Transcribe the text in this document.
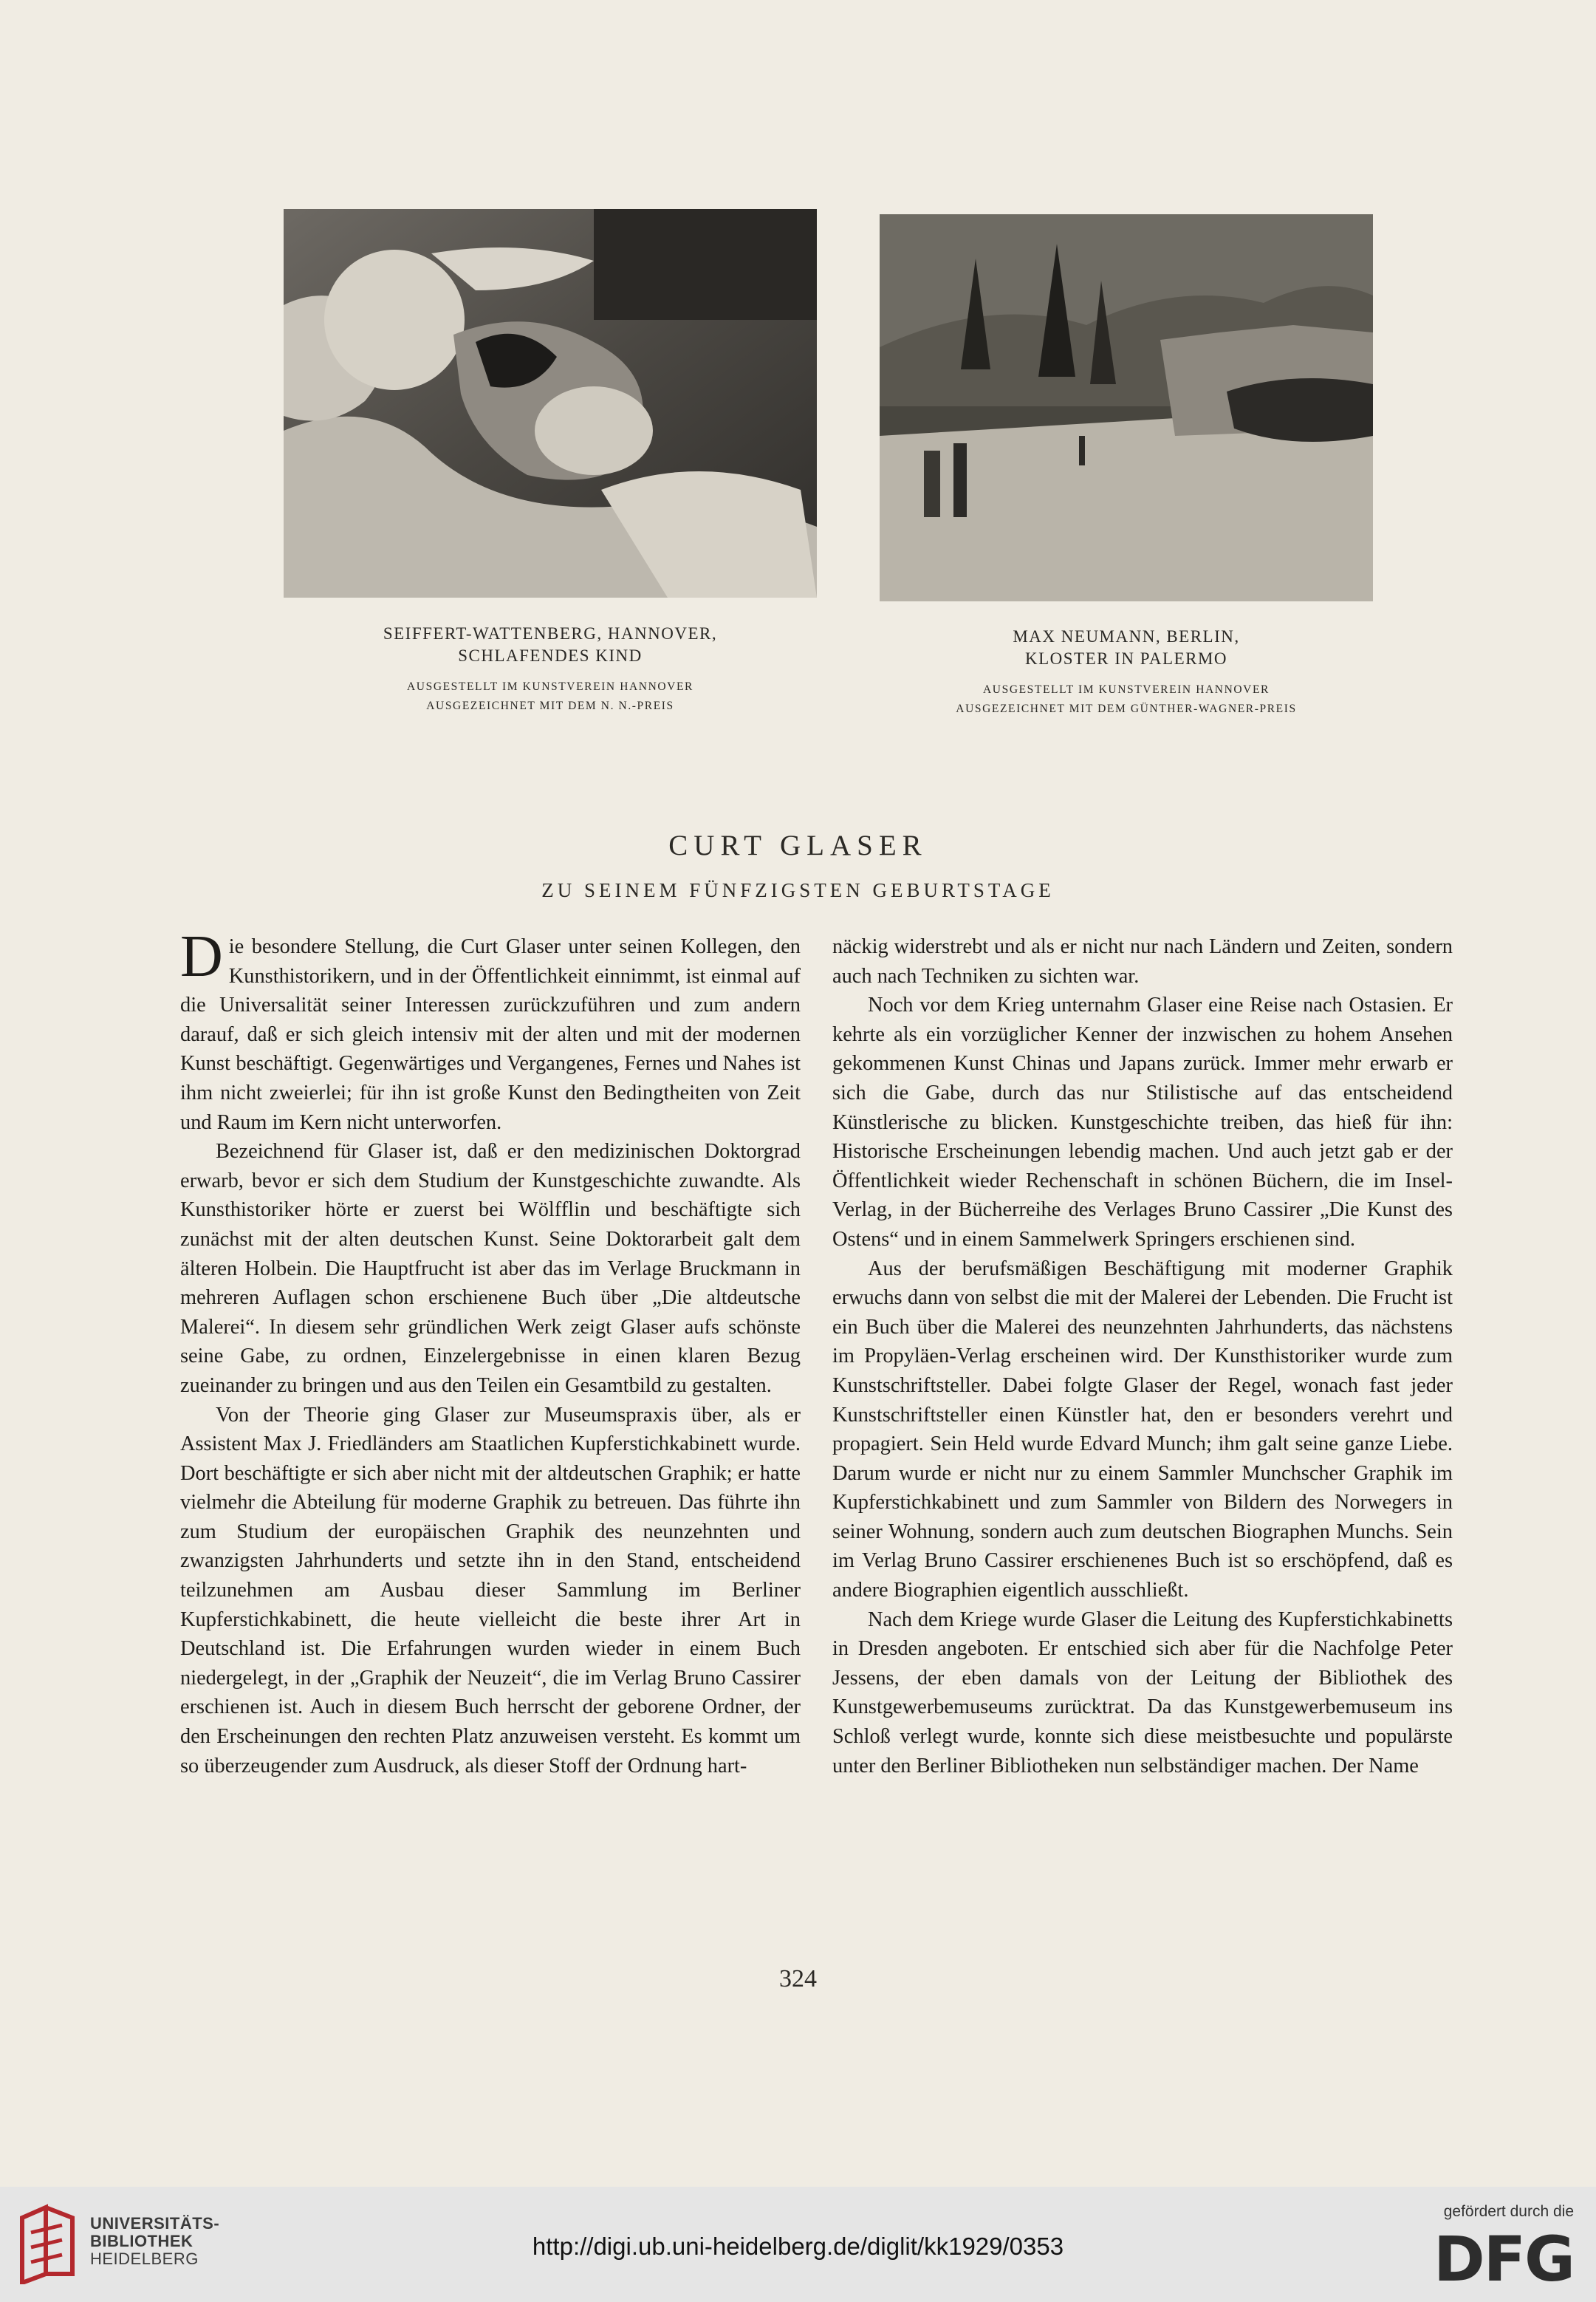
SEIFFERT-WATTENBERG, HANNOVER,
SCHLAFENDES KIND
AUSGESTELLT IM KUNSTVEREIN HANNOVER
AUSGEZEICHNET MIT DEM N. N.-PREIS
MAX NEUMANN, BERLIN,
KLOSTER IN PALERMO
AUSGESTELLT IM KUNSTVEREIN HANNOVER
AUSGEZEICHNET MIT DEM GÜNTHER-WAGNER-PREIS
CURT GLASER
ZU SEINEM FÜNFZIGSTEN GEBURTSTAGE

Die besondere Stellung, die Curt Glaser unter seinen Kollegen, den Kunsthistorikern, und in der Öffentlichkeit einnimmt, ist einmal auf die Universalität seiner Interessen zurückzuführen und zum andern darauf, daß er sich gleich intensiv mit der alten und mit der modernen Kunst beschäftigt. Gegenwärtiges und Vergangenes, Fernes und Nahes ist ihm nicht zweierlei; für ihn ist große Kunst den Bedingtheiten von Zeit und Raum im Kern nicht unterworfen.

Bezeichnend für Glaser ist, daß er den medizinischen Doktorgrad erwarb, bevor er sich dem Studium der Kunstgeschichte zuwandte. Als Kunsthistoriker hörte er zuerst bei Wölfflin und beschäftigte sich zunächst mit der alten deutschen Kunst. Seine Doktorarbeit galt dem älteren Holbein. Die Hauptfrucht ist aber das im Verlage Bruckmann in mehreren Auflagen schon erschienene Buch über „Die altdeutsche Malerei“. In diesem sehr gründlichen Werk zeigt Glaser aufs schönste seine Gabe, zu ordnen, Einzelergebnisse in einen klaren Bezug zueinander zu bringen und aus den Teilen ein Gesamtbild zu gestalten.

Von der Theorie ging Glaser zur Museumspraxis über, als er Assistent Max J. Friedländers am Staatlichen Kupferstichkabinett wurde. Dort beschäftigte er sich aber nicht mit der altdeutschen Graphik; er hatte vielmehr die Abteilung für moderne Graphik zu betreuen. Das führte ihn zum Studium der europäischen Graphik des neunzehnten und zwanzigsten Jahrhunderts und setzte ihn in den Stand, entscheidend teilzunehmen am Ausbau dieser Sammlung im Berliner Kupferstichkabinett, die heute vielleicht die beste ihrer Art in Deutschland ist. Die Erfahrungen wurden wieder in einem Buch niedergelegt, in der „Graphik der Neuzeit“, die im Verlag Bruno Cassirer erschienen ist. Auch in diesem Buch herrscht der geborene Ordner, der den Erscheinungen den rechten Platz anzuweisen versteht. Es kommt um so überzeugender zum Ausdruck, als dieser Stoff der Ordnung hart-

näckig widerstrebt und als er nicht nur nach Ländern und Zeiten, sondern auch nach Techniken zu sichten war.

Noch vor dem Krieg unternahm Glaser eine Reise nach Ostasien. Er kehrte als ein vorzüglicher Kenner der inzwischen zu hohem Ansehen gekommenen Kunst Chinas und Japans zurück. Immer mehr erwarb er sich die Gabe, durch das nur Stilistische auf das entscheidend Künstlerische zu blicken. Kunstgeschichte treiben, das hieß für ihn: Historische Erscheinungen lebendig machen. Und auch jetzt gab er der Öffentlichkeit wieder Rechenschaft in schönen Büchern, die im Insel-Verlag, in der Bücherreihe des Verlages Bruno Cassirer „Die Kunst des Ostens“ und in einem Sammelwerk Springers erschienen sind.

Aus der berufsmäßigen Beschäftigung mit moderner Graphik erwuchs dann von selbst die mit der Malerei der Lebenden. Die Frucht ist ein Buch über die Malerei des neunzehnten Jahrhunderts, das nächstens im Propyläen-Verlag erscheinen wird. Der Kunsthistoriker wurde zum Kunstschriftsteller. Dabei folgte Glaser der Regel, wonach fast jeder Kunstschriftsteller einen Künstler hat, den er besonders verehrt und propagiert. Sein Held wurde Edvard Munch; ihm galt seine ganze Liebe. Darum wurde er nicht nur zu einem Sammler Munchscher Graphik im Kupferstichkabinett und zum Sammler von Bildern des Norwegers in seiner Wohnung, sondern auch zum deutschen Biographen Munchs. Sein im Verlag Bruno Cassirer erschienenes Buch ist so erschöpfend, daß es andere Biographien eigentlich ausschließt.

Nach dem Kriege wurde Glaser die Leitung des Kupferstichkabinetts in Dresden angeboten. Er entschied sich aber für die Nachfolge Peter Jessens, der eben damals von der Leitung der Bibliothek des Kunstgewerbemuseums zurücktrat. Da das Kunstgewerbemuseum ins Schloß verlegt wurde, konnte sich diese meistbesuchte und populärste unter den Berliner Bibliotheken nun selbständiger machen. Der Name

324
UNIVERSITÄTS-
BIBLIOTHEK
HEIDELBERG	http://digi.ub.uni-heidelberg.de/diglit/kk1929/0353
gefördert durch die
DFG
